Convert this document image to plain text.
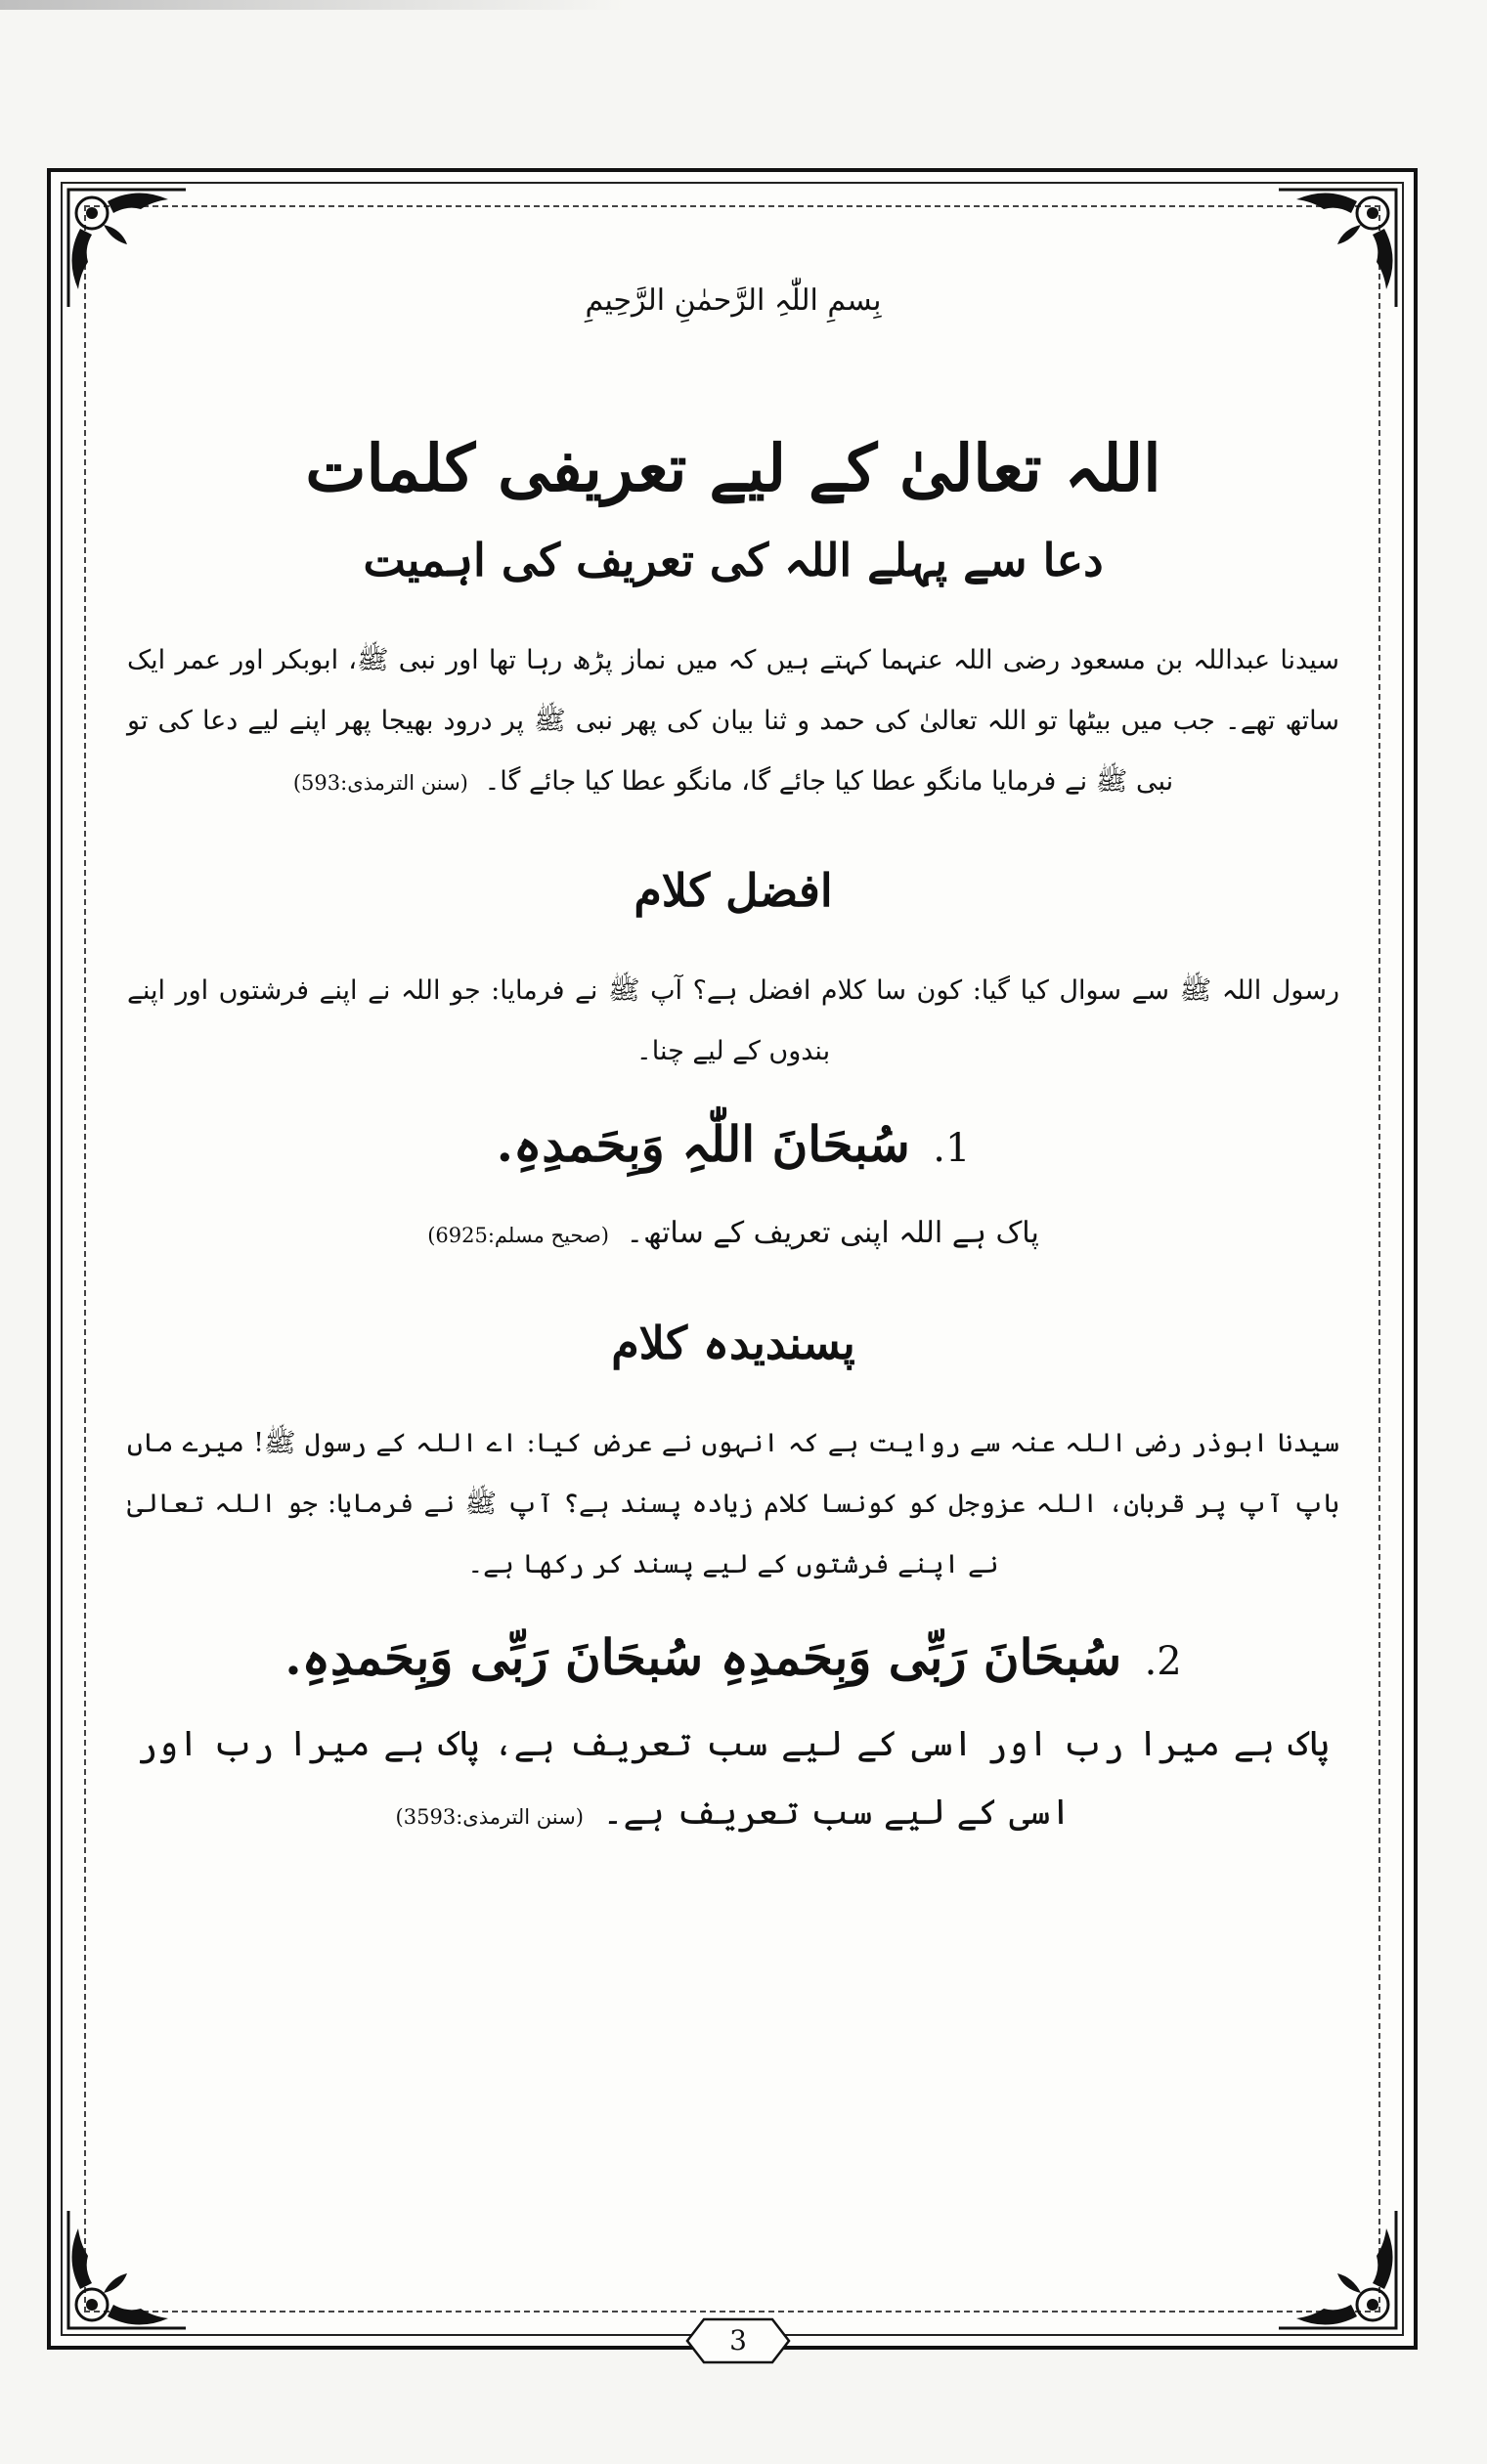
بِسمِ اللّٰہِ الرَّحمٰنِ الرَّحِیمِ
اللہ تعالیٰ کے لیے تعریفی کلمات
دعا سے پہلے اللہ کی تعریف کی اہمیت
سیدنا عبداللہ بن مسعود رضی اللہ عنہما کہتے ہیں کہ میں نماز پڑھ رہا تھا اور نبی ﷺ، ابوبکر اور عمر ایک ساتھ تھے۔ جب میں بیٹھا تو اللہ تعالیٰ کی حمد و ثنا بیان کی پھر نبی ﷺ پر درود بھیجا پھر اپنے لیے دعا کی تو نبی ﷺ نے فرمایا مانگو عطا کیا جائے گا، مانگو عطا کیا جائے گا۔ (سنن الترمذی:593)
افضل کلام
رسول اللہ ﷺ سے سوال کیا گیا: کون سا کلام افضل ہے؟ آپ ﷺ نے فرمایا: جو اللہ نے اپنے فرشتوں اور اپنے بندوں کے لیے چنا۔
1. سُبحَانَ اللّٰہِ وَبِحَمدِہِ.
پاک ہے اللہ اپنی تعریف کے ساتھ۔ (صحیح مسلم:6925)
پسندیدہ کلام
سیدنا ابوذر رضی اللہ عنہ سے روایت ہے کہ انہوں نے عرض کیا: اے اللہ کے رسول ﷺ! میرے ماں باپ آپ پر قربان، اللہ عزوجل کو کونسا کلام زیادہ پسند ہے؟ آپ ﷺ نے فرمایا: جو اللہ تعالیٰ نے اپنے فرشتوں کے لیے پسند کر رکھا ہے۔
2. سُبحَانَ رَبِّی وَبِحَمدِہِ سُبحَانَ رَبِّی وَبِحَمدِہِ.
پاک ہے میرا رب اور اسی کے لیے سب تعریف ہے، پاک ہے میرا رب اور اسی کے لیے سب تعریف ہے۔ (سنن الترمذی:3593)
3
